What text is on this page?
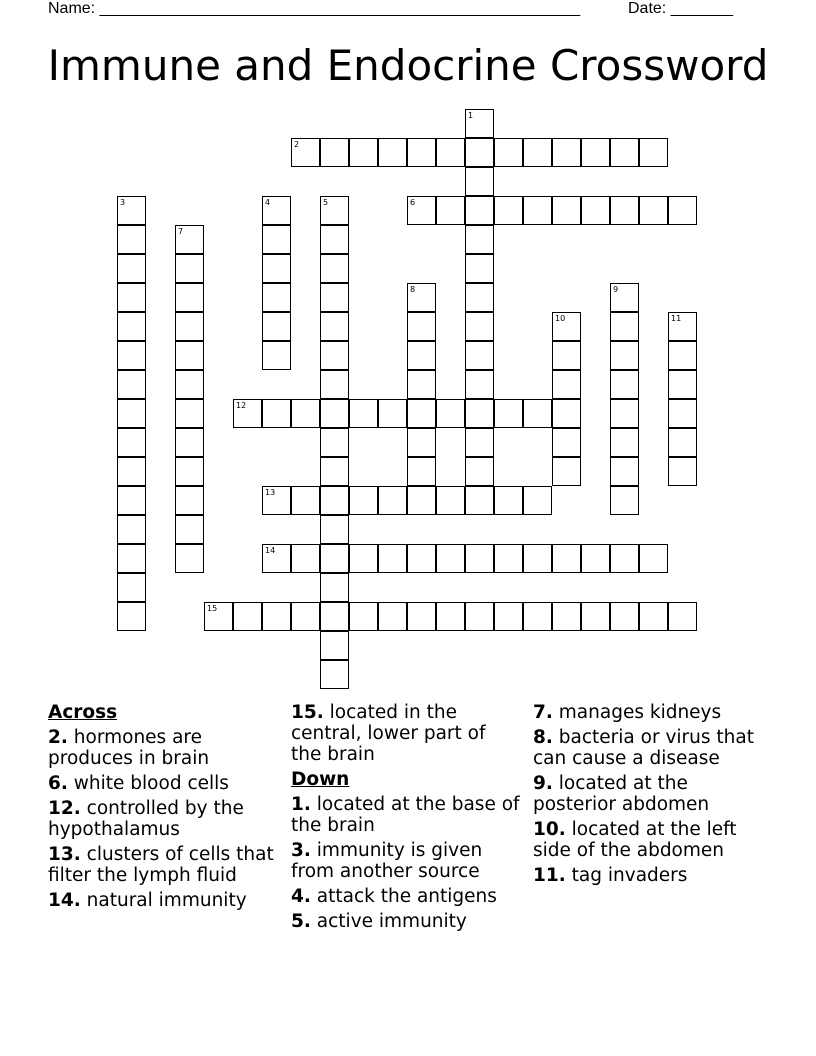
Name: ______________________________________________________	Date: _______
Immune and Endocrine Crossword
1
2
3	4	5	6
7
8	9
10	11
12
13
14
15
Across
2. hormones are produces in brain
6. white blood cells
12. controlled by the hypothalamus
13. clusters of cells that filter the lymph fluid
14. natural immunity
15. located in the central, lower part of the brain
Down
1. located at the base of the brain
3. immunity is given from another source
4. attack the antigens
5. active immunity
7. manages kidneys
8. bacteria or virus that can cause a disease
9. located at the posterior abdomen
10. located at the left side of the abdomen
11. tag invaders
